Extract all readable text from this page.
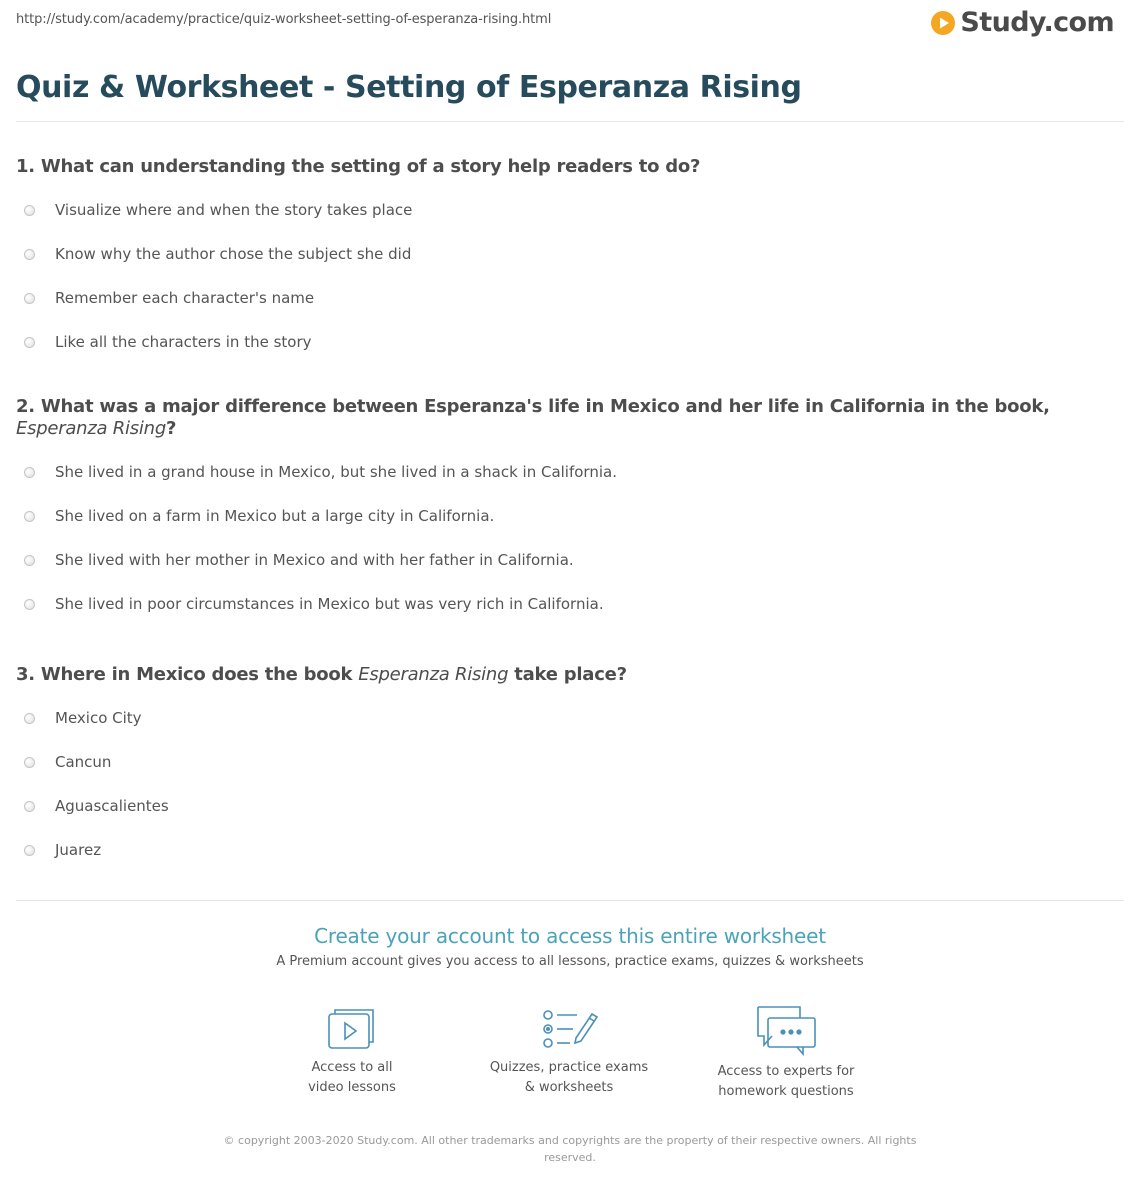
http://study.com/academy/practice/quiz-worksheet-setting-of-esperanza-rising.html	Study.com
Quiz & Worksheet - Setting of Esperanza Rising
1. What can understanding the setting of a story help readers to do?
Visualize where and when the story takes place
Know why the author chose the subject she did
Remember each character's name
Like all the characters in the story
2. What was a major difference between Esperanza's life in Mexico and her life in California in the book, Esperanza Rising?
She lived in a grand house in Mexico, but she lived in a shack in California.
She lived on a farm in Mexico but a large city in California.
She lived with her mother in Mexico and with her father in California.
She lived in poor circumstances in Mexico but was very rich in California.
3. Where in Mexico does the book Esperanza Rising take place?
Mexico City
Cancun
Aguascalientes
Juarez
Create your account to access this entire worksheet
A Premium account gives you access to all lessons, practice exams, quizzes & worksheets
Access to all
video lessons
Quizzes, practice exams
& worksheets
Access to experts for
homework questions
© copyright 2003-2020 Study.com. All other trademarks and copyrights are the property of their respective owners. All rights reserved.
